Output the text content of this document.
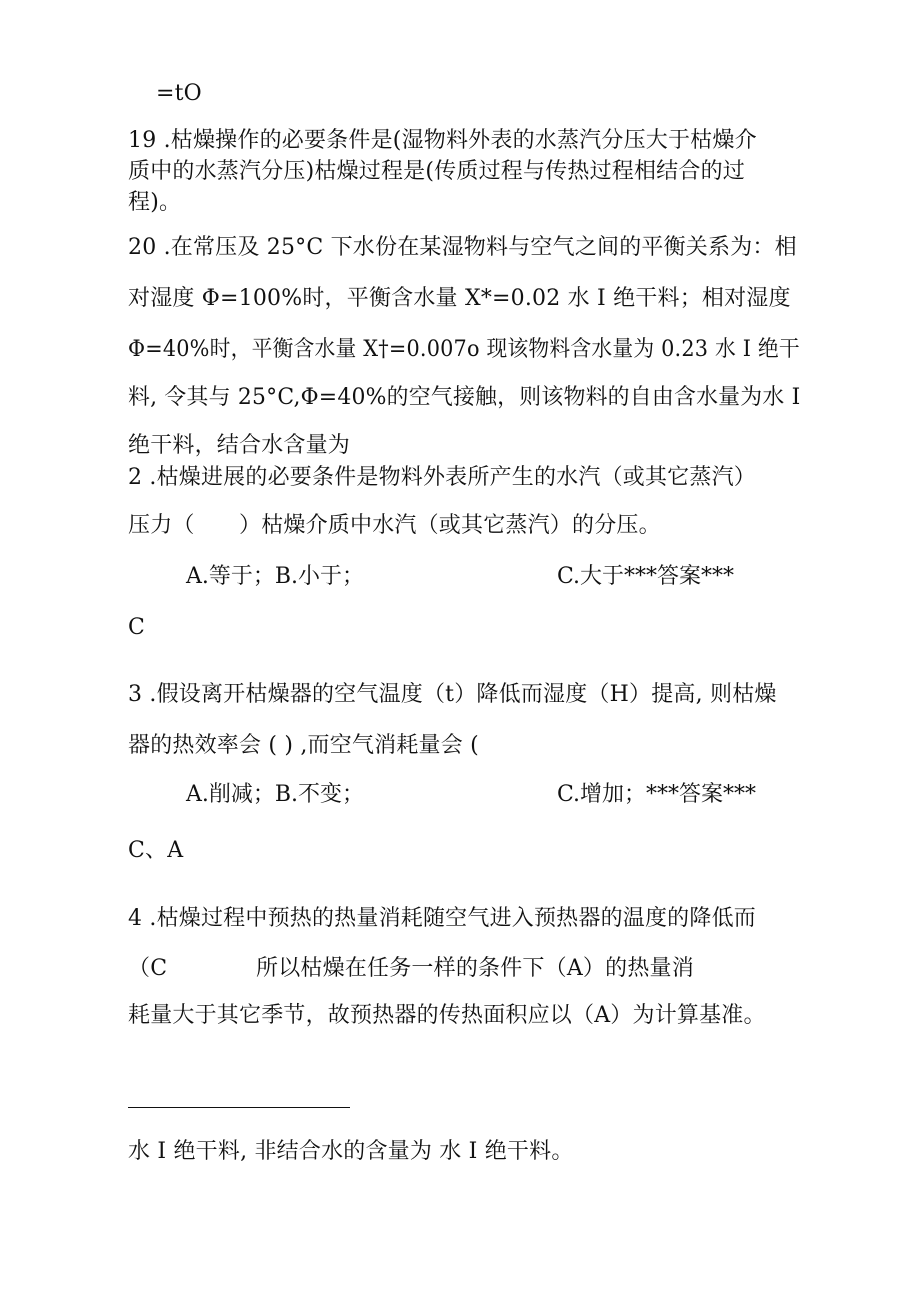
=tO
19 .枯燥操作的必要条件是(湿物料外表的水蒸汽分压大于枯燥介
质中的水蒸汽分压)枯燥过程是(传质过程与传热过程相结合的过
程)。
20 .在常压及 25°C 下水份在某湿物料与空气之间的平衡关系为：相
对湿度 Φ=100%时，平衡含水量 X*=0.02 水 I 绝干料；相对湿度
Φ=40%时，平衡含水量 X†=0.007o 现该物料含水量为 0.23 水 I 绝干
料, 令其与 25°C,Φ=40%的空气接触，则该物料的自由含水量为水 I
绝干料，结合水含量为
2 .枯燥进展的必要条件是物料外表所产生的水汽（或其它蒸汽）
压力（　　）枯燥介质中水汽（或其它蒸汽）的分压。
A.等于；B.小于；	C.大于***答案***
C
3 .假设离开枯燥器的空气温度（t）降低而湿度（H）提高, 则枯燥
器的热效率会 ( ) ,而空气消耗量会 (
A.削减；B.不变；	C.增加；***答案***
C、A
4 .枯燥过程中预热的热量消耗随空气进入预热器的温度的降低而
（C　　　　所以枯燥在任务一样的条件下（A）的热量消
耗量大于其它季节，故预热器的传热面积应以（A）为计算基准。
水 I 绝干料, 非结合水的含量为 水 I 绝干料。
